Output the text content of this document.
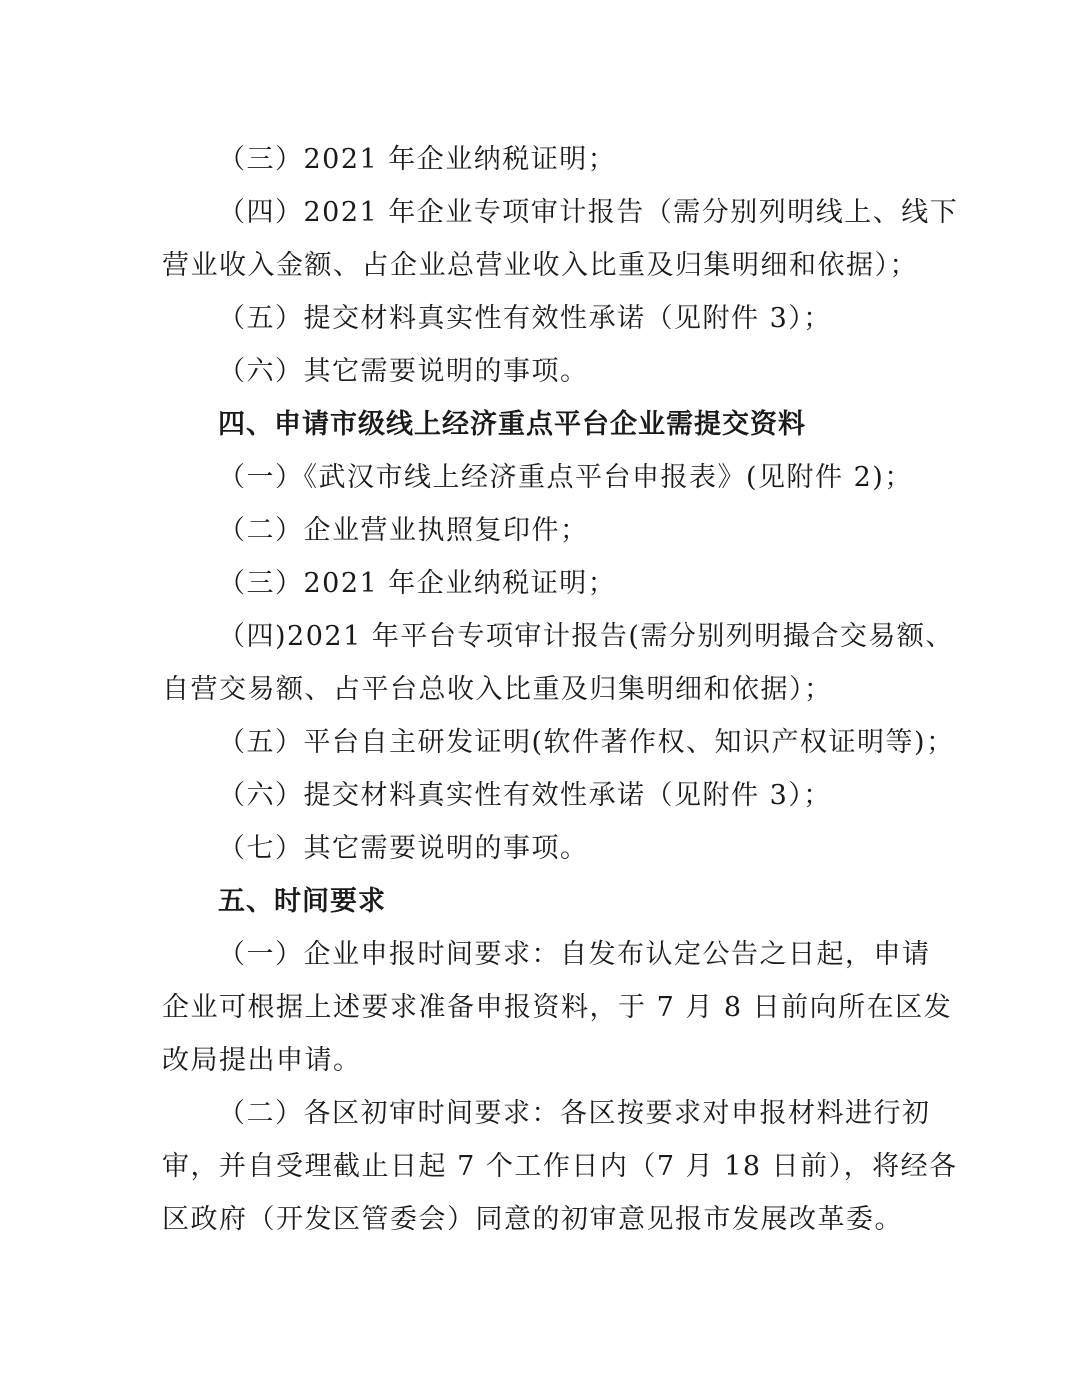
（三）2021 年企业纳税证明；
（四）2021 年企业专项审计报告（需分别列明线上、线下
营业收入金额、占企业总营业收入比重及归集明细和依据）；
（五）提交材料真实性有效性承诺（见附件 3）；
（六）其它需要说明的事项。
四、申请市级线上经济重点平台企业需提交资料
（一）《武汉市线上经济重点平台申报表》(见附件 2)；
（二）企业营业执照复印件；
（三）2021 年企业纳税证明；
（四)2021 年平台专项审计报告(需分别列明撮合交易额、
自营交易额、占平台总收入比重及归集明细和依据）；
（五）平台自主研发证明(软件著作权、知识产权证明等)；
（六）提交材料真实性有效性承诺（见附件 3）；
（七）其它需要说明的事项。
五、时间要求
（一）企业申报时间要求：自发布认定公告之日起，申请
企业可根据上述要求准备申报资料，于 7 月 8 日前向所在区发
改局提出申请。
（二）各区初审时间要求：各区按要求对申报材料进行初
审，并自受理截止日起 7 个工作日内（7 月 18 日前），将经各
区政府（开发区管委会）同意的初审意见报市发展改革委。
